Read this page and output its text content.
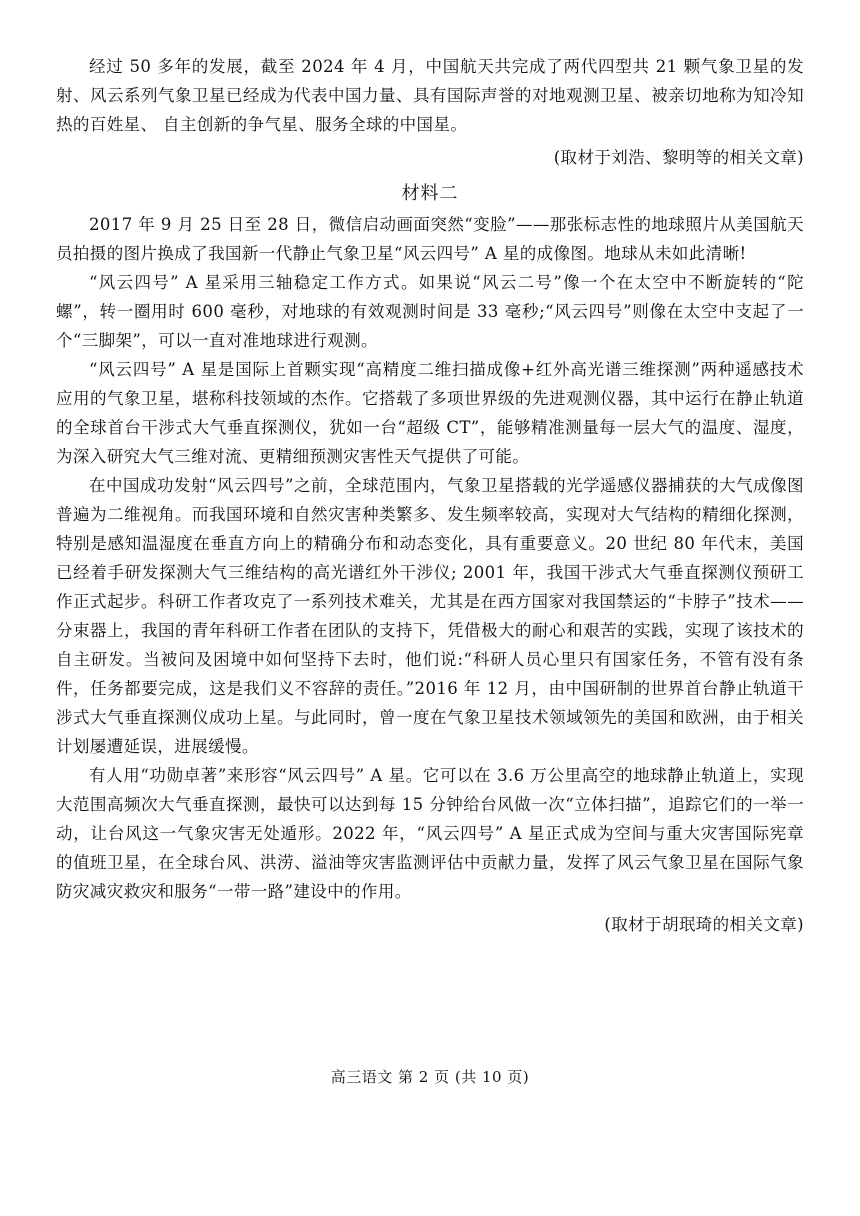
经过 50 多年的发展，截至 2024 年 4 月，中国航天共完成了两代四型共 21 颗气象卫星的发射、风云系列气象卫星已经成为代表中国力量、具有国际声誉的对地观测卫星、被亲切地称为知冷知热的百姓星、 自主创新的争气星、服务全球的中国星。

(取材于刘浩、黎明等的相关文章)

材料二

2017 年 9 月 25 日至 28 日，微信启动画面突然“变脸”——那张标志性的地球照片从美国航天员拍摄的图片换成了我国新一代静止气象卫星“风云四号” A 星的成像图。地球从未如此清晰!

“风云四号” A 星采用三轴稳定工作方式。如果说“风云二号”像一个在太空中不断旋转的“陀螺”，转一圈用时 600 毫秒，对地球的有效观测时间是 33 毫秒;“风云四号”则像在太空中支起了一个“三脚架”，可以一直对准地球进行观测。

“风云四号” A 星是国际上首颗实现“高精度二维扫描成像+红外高光谱三维探测”两种遥感技术应用的气象卫星，堪称科技领域的杰作。它搭载了多项世界级的先进观测仪器，其中运行在静止轨道的全球首台干涉式大气垂直探测仪，犹如一台“超级 CT”，能够精准测量每一层大气的温度、湿度，为深入研究大气三维对流、更精细预测灾害性天气提供了可能。

在中国成功发射“风云四号”之前，全球范围内，气象卫星搭载的光学遥感仪器捕获的大气成像图普遍为二维视角。而我国环境和自然灾害种类繁多、发生频率较高，实现对大气结构的精细化探测，特别是感知温湿度在垂直方向上的精确分布和动态变化，具有重要意义。20 世纪 80 年代末，美国已经着手研发探测大气三维结构的高光谱红外干涉仪; 2001 年，我国干涉式大气垂直探测仪预研工作正式起步。科研工作者攻克了一系列技术难关，尤其是在西方国家对我国禁运的“卡脖子”技术——分束器上，我国的青年科研工作者在团队的支持下，凭借极大的耐心和艰苦的实践，实现了该技术的自主研发。当被问及困境中如何坚持下去时，他们说:“科研人员心里只有国家任务，不管有没有条件，任务都要完成，这是我们义不容辞的责任。”2016 年 12 月，由中国研制的世界首台静止轨道干涉式大气垂直探测仪成功上星。与此同时，曾一度在气象卫星技术领域领先的美国和欧洲，由于相关计划屡遭延误，进展缓慢。

有人用“功勋卓著”来形容“风云四号” A 星。它可以在 3.6 万公里高空的地球静止轨道上，实现大范围高频次大气垂直探测，最快可以达到每 15 分钟给台风做一次“立体扫描”，追踪它们的一举一动，让台风这一气象灾害无处遁形。2022 年，“风云四号” A 星正式成为空间与重大灾害国际宪章的值班卫星，在全球台风、洪涝、溢油等灾害监测评估中贡献力量，发挥了风云气象卫星在国际气象防灾减灾救灾和服务“一带一路”建设中的作用。

(取材于胡珉琦的相关文章)

高三语文 第 2 页 (共 10 页)
